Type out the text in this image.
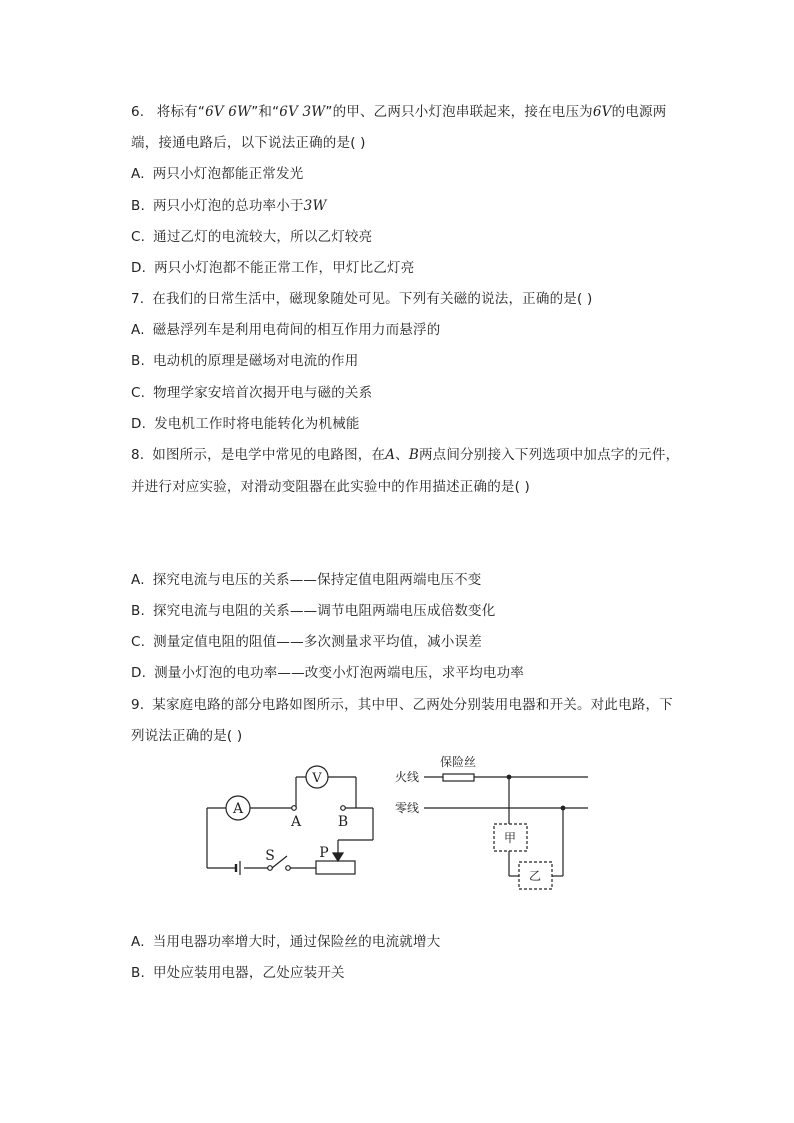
6. 将标有“6V 6W”和“6V 3W”的甲、乙两只小灯泡串联起来，接在电压为6V的电源两
端，接通电路后，以下说法正确的是( )
A. 两只小灯泡都能正常发光
B. 两只小灯泡的总功率小于3W
C. 通过乙灯的电流较大，所以乙灯较亮
D. 两只小灯泡都不能正常工作，甲灯比乙灯亮
7. 在我们的日常生活中，磁现象随处可见。下列有关磁的说法，正确的是( )
A. 磁悬浮列车是利用电荷间的相互作用力而悬浮的
B. 电动机的原理是磁场对电流的作用
C. 物理学家安培首次揭开电与磁的关系
D. 发电机工作时将电能转化为机械能
8. 如图所示，是电学中常见的电路图，在A、B两点间分别接入下列选项中加点字的元件，
并进行对应实验，对滑动变阻器在此实验中的作用描述正确的是( )
A. 探究电流与电压的关系——保持定值电阻两端电压不变
B. 探究电流与电阻的关系——调节电阻两端电压成倍数变化
C. 测量定值电阻的阻值——多次测量求平均值，减小误差
D. 测量小灯泡的电功率——改变小灯泡两端电压，求平均电功率
9. 某家庭电路的部分电路如图所示，其中甲、乙两处分别装用电器和开关。对此电路，下
列说法正确的是( )
A
V
A	B
S	P
保险丝
火线
零线
甲
乙
A. 当用电器功率增大时，通过保险丝的电流就增大
B. 甲处应装用电器，乙处应装开关
